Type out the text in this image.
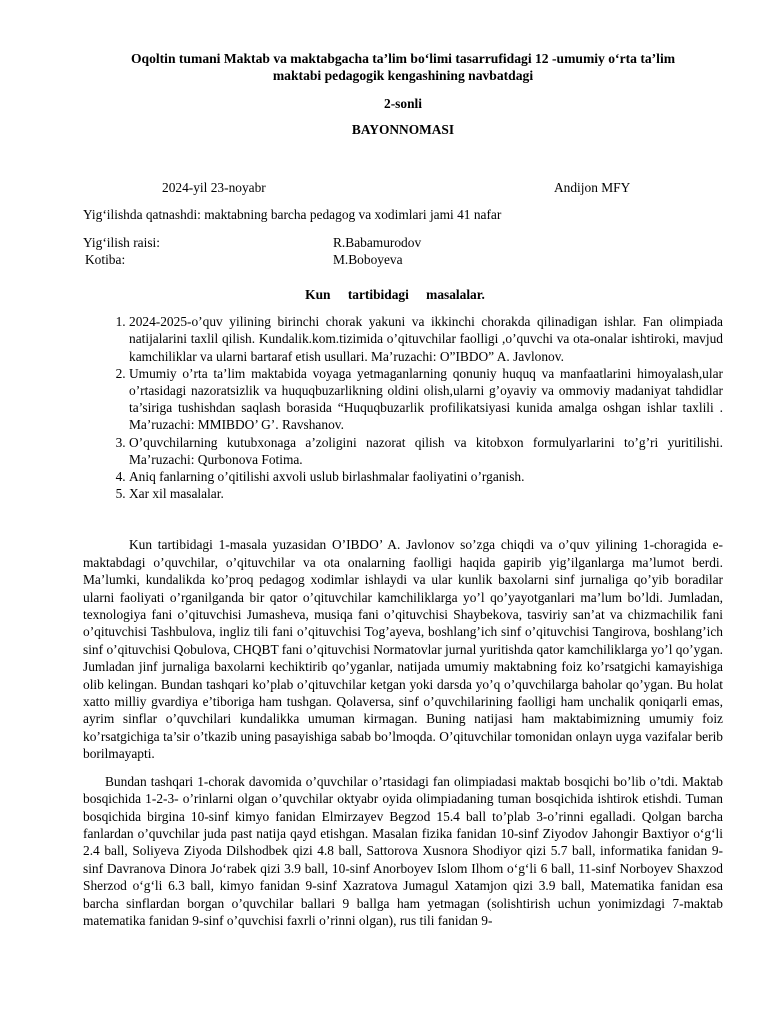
Oqoltin tumani Maktab va maktabgacha ta’lim bo‘limi tasarrufidagi 12 -umumiy o‘rta ta’lim
maktabi pedagogik kengashining navbatdagi

2-sonli
BAYONNOMASI
2024-yil 23-noyabr	Andijon MFY
Yig‘ilishda qatnashdi: maktabning barcha pedagog va xodimlari jami 41 nafar
Yig‘ilish raisi:	R.Babamurodov
Kotiba:	M.Boboyeva
Kun tartibidagi masalalar.
1. 2024-2025-o’quv yilining birinchi chorak yakuni va ikkinchi chorakda qilinadigan ishlar. Fan olimpiada natijalarini taxlil qilish. Kundalik.kom.tizimida o’qituvchilar faolligi ,o’quvchi va ota-onalar ishtiroki, mavjud kamchiliklar va ularni bartaraf etish usullari. Ma’ruzachi: O”IBDO” A. Javlonov.
2. Umumiy o’rta ta’lim maktabida voyaga yetmaganlarning qonuniy huquq va manfaatlarini himoyalash,ular o’rtasidagi nazoratsizlik va huquqbuzarlikning oldini olish,ularni g’oyaviy va ommoviy madaniyat tahdidlar ta’siriga tushishdan saqlash borasida “Huquqbuzarlik profilikatsiyasi kunida amalga oshgan ishlar taxlili . Ma’ruzachi: MMIBDO’ G’. Ravshanov.
3. O’quvchilarning kutubxonaga a’zoligini nazorat qilish va kitobxon formulyarlarini to’g’ri yuritilishi. Ma’ruzachi: Qurbonova Fotima.
4. Aniq fanlarning o’qitilishi axvoli uslub birlashmalar faoliyatini o’rganish.
5. Xar xil masalalar.

Kun tartibidagi 1-masala yuzasidan O’IBDO’ A. Javlonov so’zga chiqdi va o’quv yilining 1-choragida e-maktabdagi o’quvchilar, o’qituvchilar va ota onalarning faolligi haqida gapirib yig’ilganlarga ma’lumot berdi. Ma’lumki, kundalikda ko’proq pedagog xodimlar ishlaydi va ular kunlik baxolarni sinf jurnaliga qo’yib boradilar ularni faoliyati o’rganilganda bir qator o’qituvchilar kamchiliklarga yo’l qo’yayotganlari ma’lum bo’ldi. Jumladan, texnologiya fani o’qituvchisi Jumasheva, musiqa fani o’qituvchisi Shaybekova, tasviriy san’at va chizmachilik fani o’qituvchisi Tashbulova, ingliz tili fani o’qituvchisi Tog’ayeva, boshlang’ich sinf o’qituvchisi Tangirova, boshlang’ich sinf o’qituvchisi Qobulova, CHQBT fani o’qituvchisi Normatovlar jurnal yuritishda qator kamchiliklarga yo’l qo’ygan. Jumladan jinf jurnaliga baxolarni kechiktirib qo’yganlar, natijada umumiy maktabning foiz ko’rsatgichi kamayishiga olib kelingan. Bundan tashqari ko’plab o’qituvchilar ketgan yoki darsda yo’q o’quvchilarga baholar qo’ygan. Bu holat xatto milliy gvardiya e’tiboriga ham tushgan. Qolaversa, sinf o’quvchilarining faolligi ham unchalik qoniqarli emas, ayrim sinflar o’quvchilari kundalikka umuman kirmagan. Buning natijasi ham maktabimizning umumiy foiz ko’rsatgichiga ta’sir o’tkazib uning pasayishiga sabab bo’lmoqda. O’qituvchilar tomonidan onlayn uyga vazifalar berib borilmayapti.

Bundan tashqari 1-chorak davomida o’quvchilar o’rtasidagi fan olimpiadasi maktab bosqichi bo’lib o’tdi. Maktab bosqichida 1-2-3- o’rinlarni olgan o’quvchilar oktyabr oyida olimpiadaning tuman bosqichida ishtirok etishdi. Tuman bosqichida birgina 10-sinf kimyo fanidan Elmirzayev Begzod 15.4 ball to’plab 3-o’rinni egalladi. Qolgan barcha fanlardan o’quvchilar juda past natija qayd etishgan. Masalan fizika fanidan 10-sinf Ziyodov Jahongir Baxtiyor o‘g‘li 2.4 ball, Soliyeva Ziyoda Dilshodbek qizi 4.8 ball, Sattorova Xusnora Shodiyor qizi 5.7 ball, informatika fanidan 9-sinf Davranova Dinora Jo‘rabek qizi 3.9 ball, 10-sinf Anorboyev Islom Ilhom o‘g‘li 6 ball, 11-sinf Norboyev Shaxzod Sherzod o‘g‘li 6.3 ball, kimyo fanidan 9-sinf Xazratova Jumagul Xatamjon qizi 3.9 ball, Matematika fanidan esa barcha sinflardan borgan o’quvchilar ballari 9 ballga ham yetmagan (solishtirish uchun yonimizdagi 7-maktab matematika fanidan 9-sinf o’quvchisi faxrli o’rinni olgan), rus tili fanidan 9-
